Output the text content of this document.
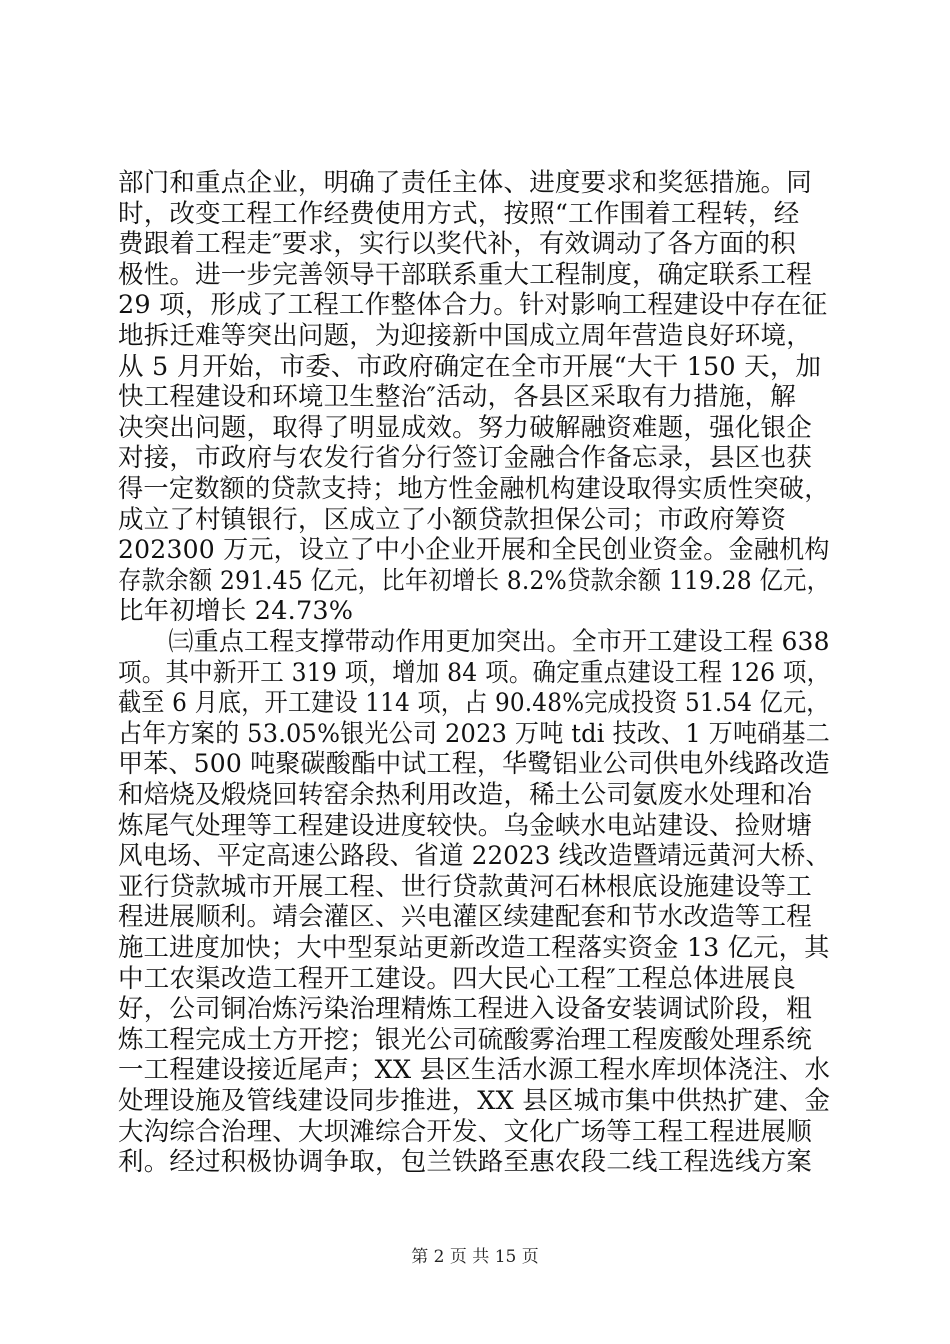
部门和重点企业，明确了责任主体、进度要求和奖惩措施。同
时，改变工程工作经费使用方式，按照“工作围着工程转，经
费跟着工程走″要求，实行以奖代补，有效调动了各方面的积
极性。进一步完善领导干部联系重大工程制度，确定联系工程
29 项，形成了工程工作整体合力。针对影响工程建设中存在征
地拆迁难等突出问题，为迎接新中国成立周年营造良好环境，
从 5 月开始，市委、市政府确定在全市开展“大干 150 天，加
快工程建设和环境卫生整治″活动，各县区采取有力措施，解
决突出问题，取得了明显成效。努力破解融资难题，强化银企
对接，市政府与农发行省分行签订金融合作备忘录，县区也获
得一定数额的贷款支持；地方性金融机构建设取得实质性突破，
成立了村镇银行，区成立了小额贷款担保公司；市政府筹资
202300 万元，设立了中小企业开展和全民创业资金。金融机构
存款余额 291.45 亿元，比年初增长 8.2%贷款余额 119.28 亿元，
比年初增长 24.73%
　　㈢重点工程支撑带动作用更加突出。全市开工建设工程 638
项。其中新开工 319 项，增加 84 项。确定重点建设工程 126 项，
截至 6 月底，开工建设 114 项，占 90.48%完成投资 51.54 亿元，
占年方案的 53.05%银光公司 2023 万吨 tdi 技改、1 万吨硝基二
甲苯、500 吨聚碳酸酯中试工程，华鹭铝业公司供电外线路改造
和焙烧及煅烧回转窑余热利用改造，稀土公司氨废水处理和冶
炼尾气处理等工程建设进度较快。乌金峡水电站建设、捡财塘
风电场、平定高速公路段、省道 22023 线改造暨靖远黄河大桥、
亚行贷款城市开展工程、世行贷款黄河石林根底设施建设等工
程进展顺利。靖会灌区、兴电灌区续建配套和节水改造等工程
施工进度加快；大中型泵站更新改造工程落实资金 13 亿元，其
中工农渠改造工程开工建设。四大民心工程″工程总体进展良
好，公司铜冶炼污染治理精炼工程进入设备安装调试阶段，粗
炼工程完成土方开挖；银光公司硫酸雾治理工程废酸处理系统
一工程建设接近尾声；XX 县区生活水源工程水库坝体浇注、水
处理设施及管线建设同步推进，XX 县区城市集中供热扩建、金
大沟综合治理、大坝滩综合开发、文化广场等工程工程进展顺
利。经过积极协调争取，包兰铁路至惠农段二线工程选线方案
第 2 页 共 15 页
